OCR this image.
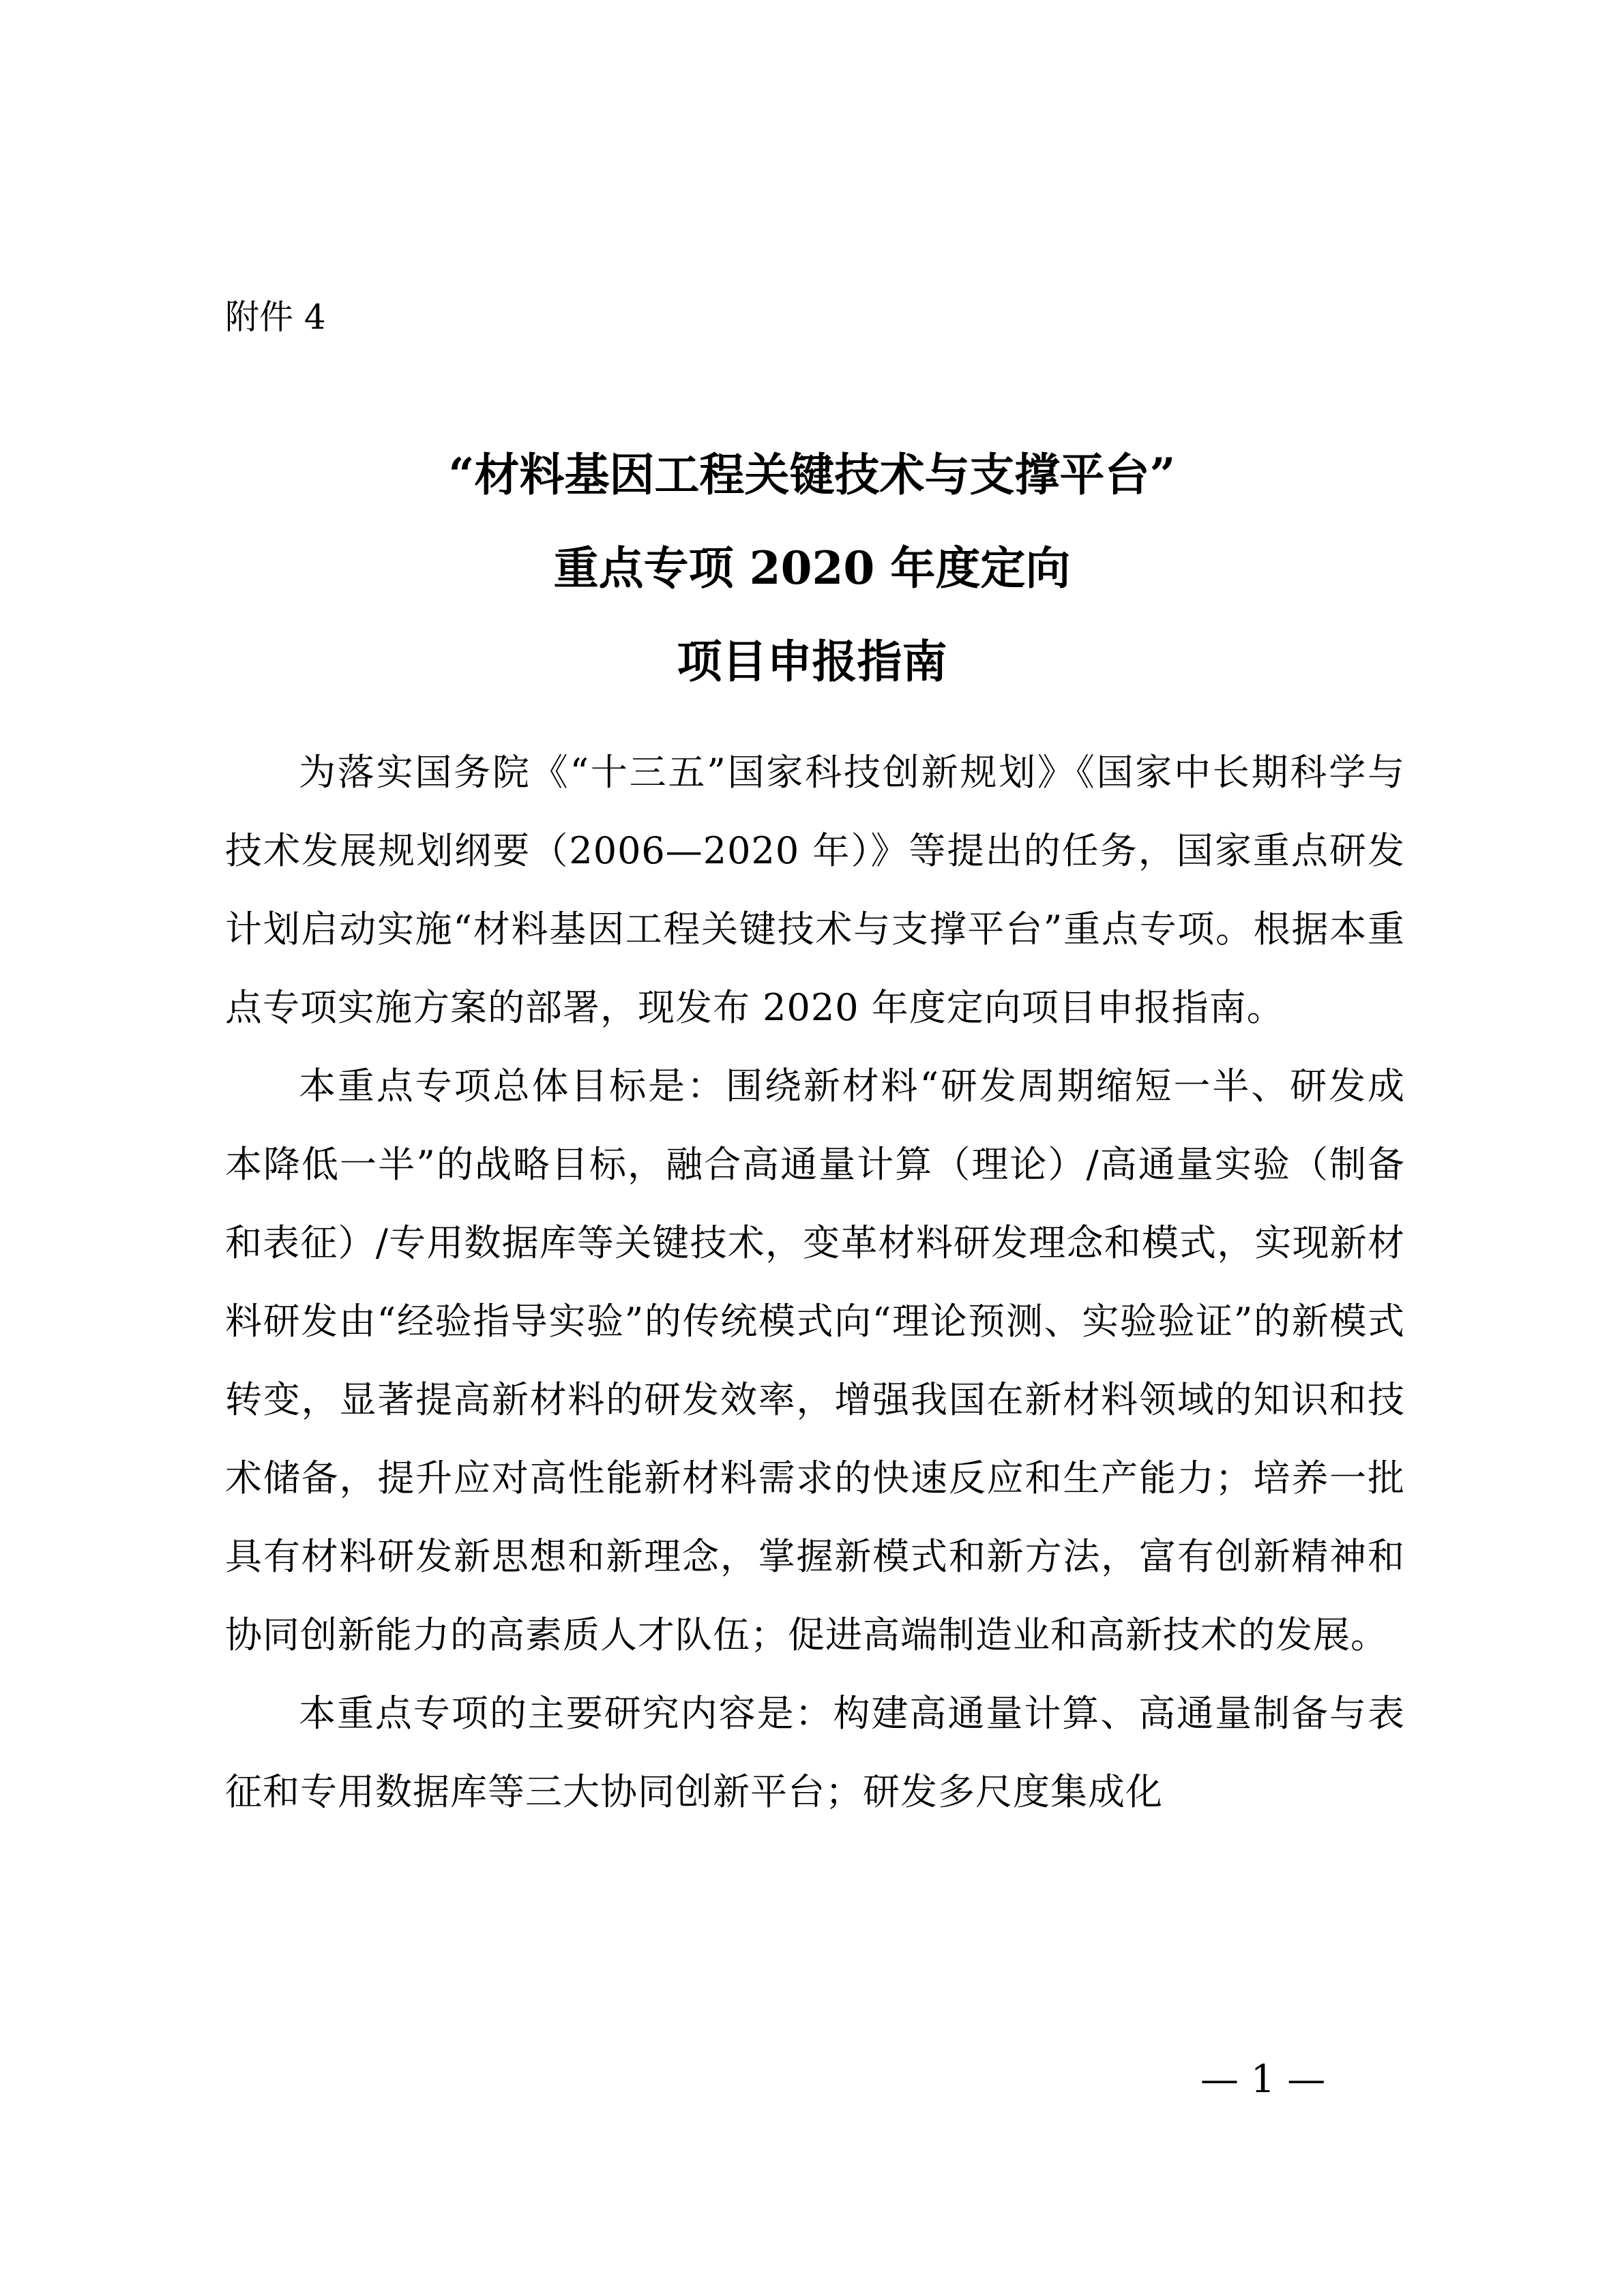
附件 4
“材料基因工程关键技术与支撑平台”
重点专项 2020 年度定向
项目申报指南

为落实国务院《“十三五”国家科技创新规划》《国家中长期科学与技术发展规划纲要（2006—2020 年）》等提出的任务，国家重点研发计划启动实施“材料基因工程关键技术与支撑平台”重点专项。根据本重点专项实施方案的部署，现发布 2020 年度定向项目申报指南。

本重点专项总体目标是：围绕新材料“研发周期缩短一半、研发成本降低一半”的战略目标，融合高通量计算（理论）/高通量实验（制备和表征）/专用数据库等关键技术，变革材料研发理念和模式，实现新材料研发由“经验指导实验”的传统模式向“理论预测、实验验证”的新模式转变，显著提高新材料的研发效率，增强我国在新材料领域的知识和技术储备，提升应对高性能新材料需求的快速反应和生产能力；培养一批具有材料研发新思想和新理念，掌握新模式和新方法，富有创新精神和协同创新能力的高素质人才队伍；促进高端制造业和高新技术的发展。

本重点专项的主要研究内容是：构建高通量计算、高通量制备与表征和专用数据库等三大协同创新平台；研发多尺度集成化

— 1 —
